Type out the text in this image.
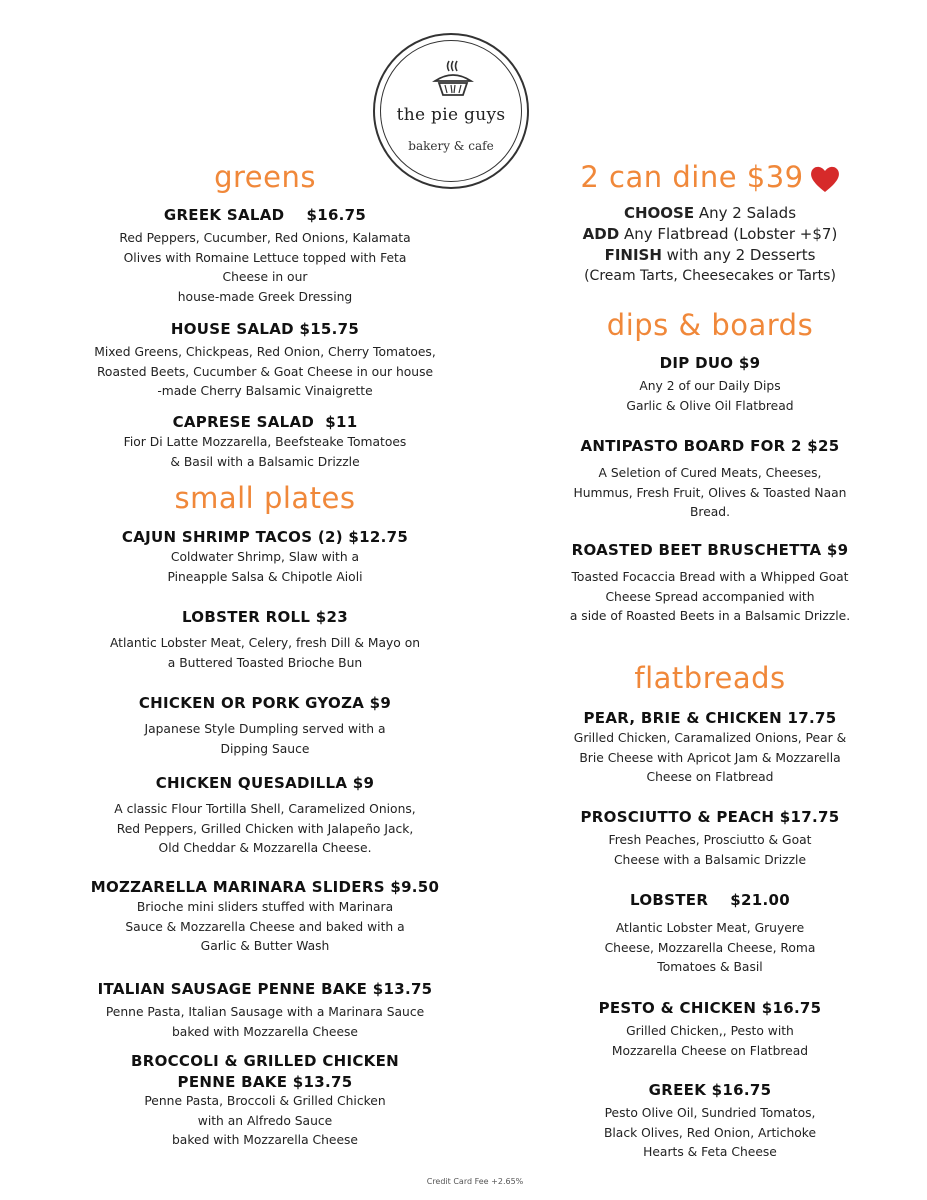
the pie guys
bakery & cafe
greens
GREEK SALAD    $16.75
Red Peppers, Cucumber, Red Onions, Kalamata
Olives with Romaine Lettuce topped with Feta
Cheese in our
house-made Greek Dressing
HOUSE SALAD $15.75
Mixed Greens, Chickpeas, Red Onion, Cherry Tomatoes,
Roasted Beets, Cucumber & Goat Cheese in our house
-made Cherry Balsamic Vinaigrette
CAPRESE SALAD  $11
Fior Di Latte Mozzarella, Beefsteake Tomatoes
& Basil with a Balsamic Drizzle
small plates
CAJUN SHRIMP TACOS (2) $12.75
Coldwater Shrimp, Slaw with a
Pineapple Salsa & Chipotle Aioli
LOBSTER ROLL $23
Atlantic Lobster Meat, Celery, fresh Dill & Mayo on
a Buttered Toasted Brioche Bun
CHICKEN OR PORK GYOZA $9
Japanese Style Dumpling served with a
Dipping Sauce
CHICKEN QUESADILLA $9
A classic Flour Tortilla Shell, Caramelized Onions,
Red Peppers, Grilled Chicken with Jalapeño Jack,
Old Cheddar & Mozzarella Cheese.
MOZZARELLA MARINARA SLIDERS $9.50
Brioche mini sliders stuffed with Marinara
Sauce & Mozzarella Cheese and baked with a
Garlic & Butter Wash
ITALIAN SAUSAGE PENNE BAKE $13.75
Penne Pasta, Italian Sausage with a Marinara Sauce
baked with Mozzarella Cheese
BROCCOLI & GRILLED CHICKEN
PENNE BAKE $13.75
Penne Pasta, Broccoli & Grilled Chicken
with an Alfredo Sauce
baked with Mozzarella Cheese
2 can dine $39
CHOOSE Any 2 Salads
ADD Any Flatbread (Lobster +$7)
FINISH with any 2 Desserts
(Cream Tarts, Cheesecakes or Tarts)
dips & boards
DIP DUO $9
Any 2 of our Daily Dips
Garlic & Olive Oil Flatbread
ANTIPASTO BOARD FOR 2 $25
A Seletion of Cured Meats, Cheeses,
Hummus, Fresh Fruit, Olives & Toasted Naan
Bread.
ROASTED BEET BRUSCHETTA $9
Toasted Focaccia Bread with a Whipped Goat
Cheese Spread accompanied with
a side of Roasted Beets in a Balsamic Drizzle.
flatbreads
PEAR, BRIE & CHICKEN 17.75
Grilled Chicken, Caramalized Onions, Pear &
Brie Cheese with Apricot Jam & Mozzarella
Cheese on Flatbread
PROSCIUTTO & PEACH $17.75
Fresh Peaches, Prosciutto & Goat
Cheese with a Balsamic Drizzle
LOBSTER    $21.00
Atlantic Lobster Meat, Gruyere
Cheese, Mozzarella Cheese, Roma
Tomatoes & Basil
PESTO & CHICKEN $16.75
Grilled Chicken,, Pesto with
Mozzarella Cheese on Flatbread
GREEK $16.75
Pesto Olive Oil, Sundried Tomatos,
Black Olives, Red Onion, Artichoke
Hearts & Feta Cheese
Credit Card Fee +2.65%
